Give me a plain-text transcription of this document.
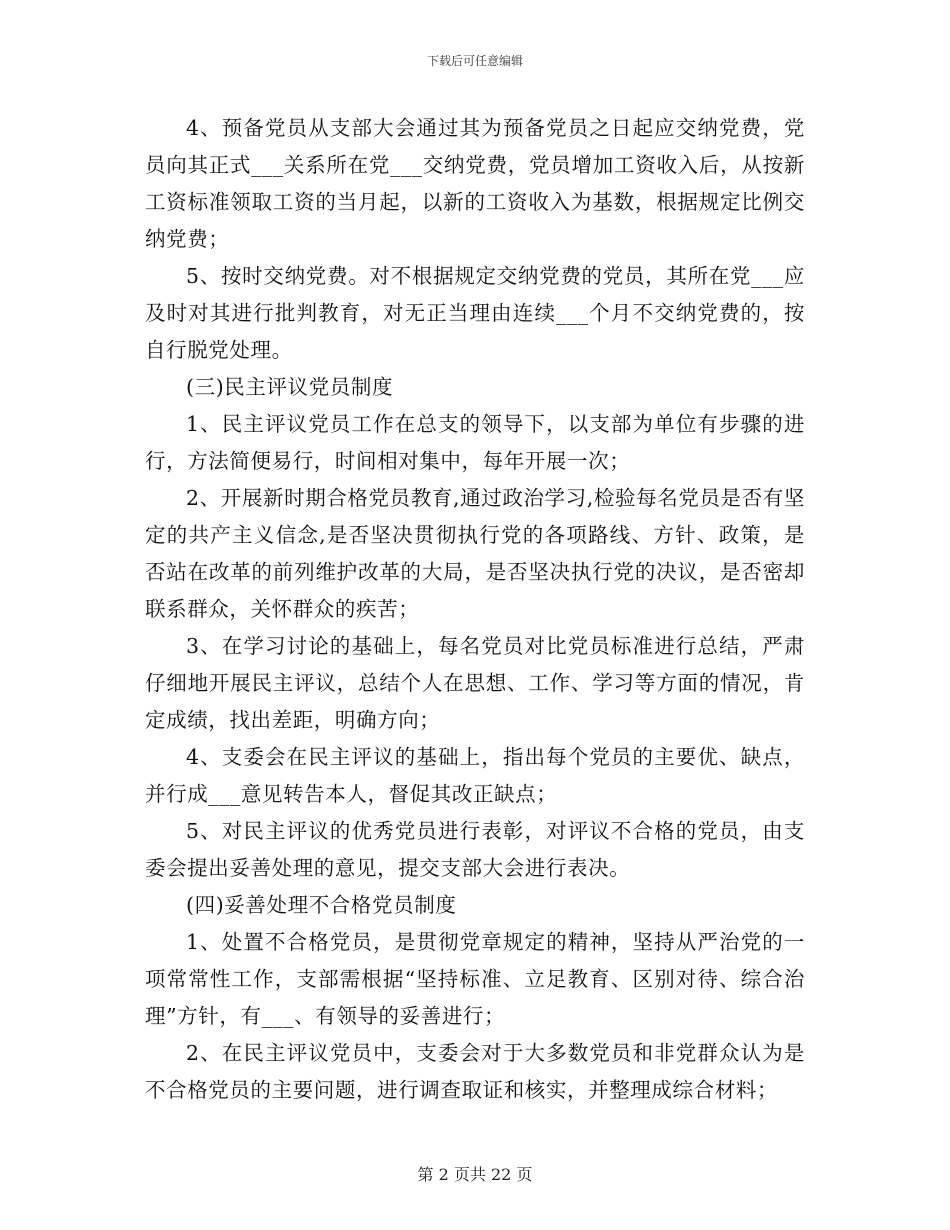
下载后可任意编辑

4、预备党员从支部大会通过其为预备党员之日起应交纳党费，党员向其正式___关系所在党___交纳党费，党员增加工资收入后，从按新工资标准领取工资的当月起，以新的工资收入为基数，根据规定比例交纳党费；

5、按时交纳党费。对不根据规定交纳党费的党员，其所在党___应及时对其进行批判教育，对无正当理由连续___个月不交纳党费的，按自行脱党处理。

(三)民主评议党员制度

1、民主评议党员工作在总支的领导下，以支部为单位有步骤的进行，方法简便易行，时间相对集中，每年开展一次；

2、开展新时期合格党员教育,通过政治学习,检验每名党员是否有坚定的共产主义信念,是否坚决贯彻执行党的各项路线、方针、政策，是否站在改革的前列维护改革的大局，是否坚决执行党的决议，是否密却联系群众，关怀群众的疾苦；

3、在学习讨论的基础上，每名党员对比党员标准进行总结，严肃仔细地开展民主评议，总结个人在思想、工作、学习等方面的情况，肯定成绩，找出差距，明确方向；

4、支委会在民主评议的基础上，指出每个党员的主要优、缺点，并行成___意见转告本人，督促其改正缺点；

5、对民主评议的优秀党员进行表彰，对评议不合格的党员，由支委会提出妥善处理的意见，提交支部大会进行表决。

(四)妥善处理不合格党员制度

1、处置不合格党员，是贯彻党章规定的精神，坚持从严治党的一项常常性工作，支部需根据“坚持标准、立足教育、区别对待、综合治理”方针，有___、有领导的妥善进行；

2、在民主评议党员中，支委会对于大多数党员和非党群众认为是不合格党员的主要问题，进行调查取证和核实，并整理成综合材料；

第 2 页共 22 页
